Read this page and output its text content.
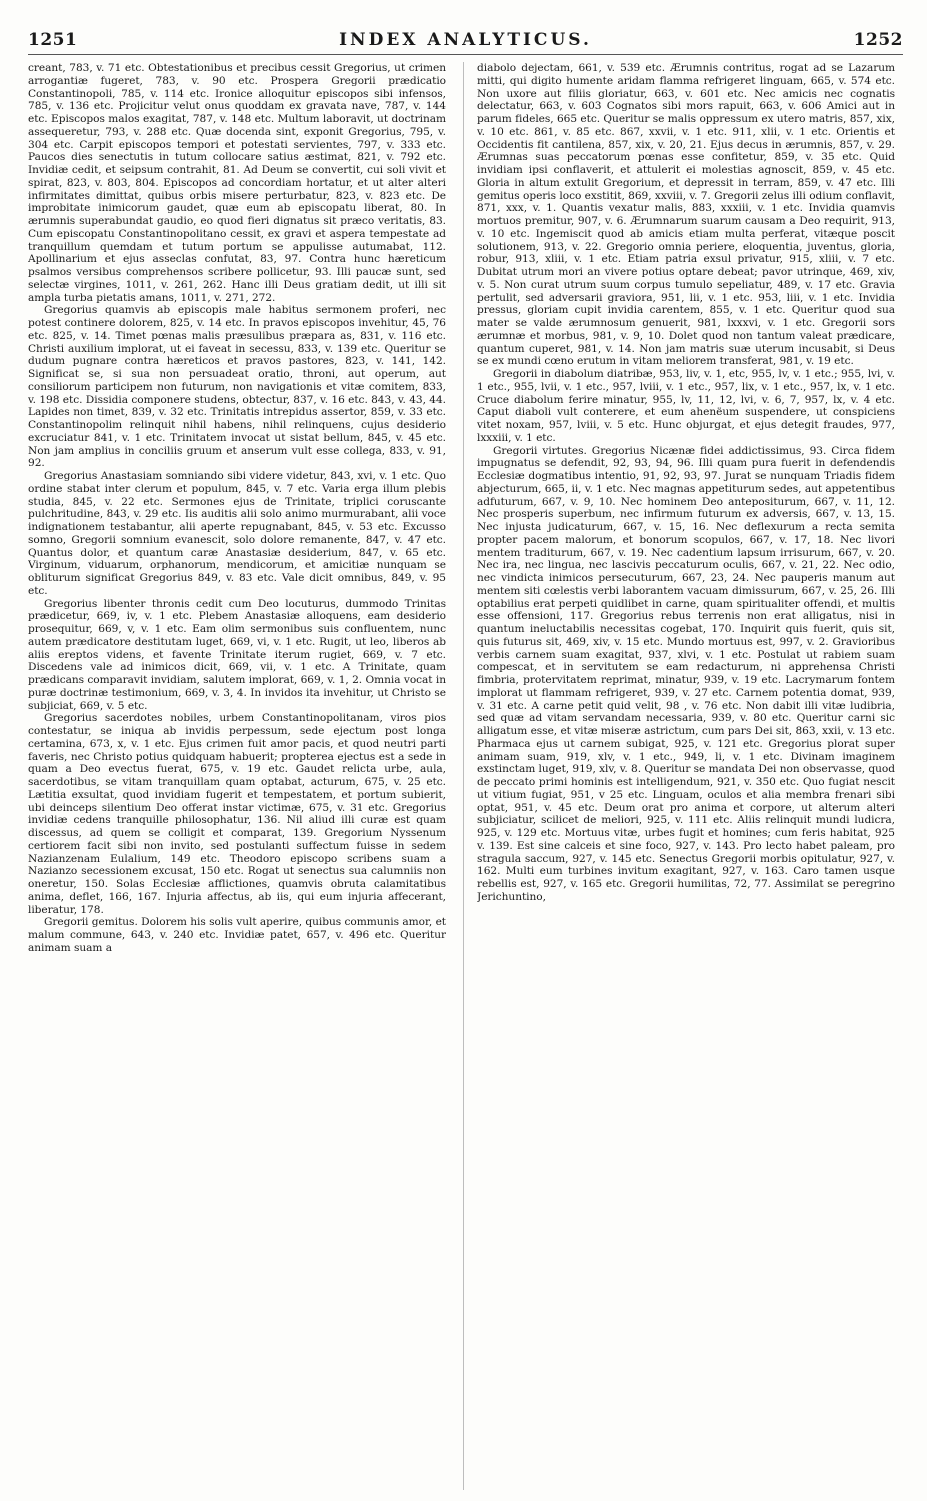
1251	INDEX ANALYTICUS.	1252

creant, 783, v. 71 etc. Obtestationibus et precibus cessit Gregorius, ut crimen arrogantiæ fugeret, 783, v. 90 etc. Prospera Gregorii prædicatio Constantinopoli, 785, v. 114 etc. Ironice alloquitur episcopos sibi infensos, 785, v. 136 etc. Projicitur velut onus quoddam ex gravata nave, 787, v. 144 etc. Episcopos malos exagitat, 787, v. 148 etc. Multum laboravit, ut doctrinam assequeretur, 793, v. 288 etc. Quæ docenda sint, exponit Gregorius, 795, v. 304 etc. Carpit episcopos tempori et potestati servientes, 797, v. 333 etc. Paucos dies senectutis in tutum collocare satius æstimat, 821, v. 792 etc. Invidiæ cedit, et seipsum contrahit, 81. Ad Deum se convertit, cui soli vivit et spirat, 823, v. 803, 804. Episcopos ad concordiam hortatur, et ut alter alteri infirmitates dimittat, quibus orbis misere perturbatur, 823, v. 823 etc. De improbitate inimicorum gaudet, quæ eum ab episcopatu liberat, 80. In ærumnis superabundat gaudio, eo quod fieri dignatus sit præco veritatis, 83. Cum episcopatu Constantinopolitano cessit, ex gravi et aspera tempestate ad tranquillum quemdam et tutum portum se appulisse autumabat, 112. Apollinarium et ejus asseclas confutat, 83, 97. Contra hunc hæreticum psalmos versibus comprehensos scribere pollicetur, 93. Illi paucæ sunt, sed selectæ virgines, 1011, v. 261, 262. Hanc illi Deus gratiam dedit, ut illi sit ampla turba pietatis amans, 1011, v. 271, 272.

Gregorius quamvis ab episcopis male habitus sermonem proferi, nec potest continere dolorem, 825, v. 14 etc. In pravos episcopos invehitur, 45, 76 etc. 825, v. 14. Timet pœnas malis præsulibus præpara as, 831, v. 116 etc. Christi auxilium implorat, ut ei faveat in secessu, 833, v. 139 etc. Queritur se dudum pugnare contra hæreticos et pravos pastores, 823, v. 141, 142. Significat se, si sua non persuadeat oratio, throni, aut operum, aut consiliorum participem non futurum, non navigationis et vitæ comitem, 833, v. 198 etc. Dissidia componere studens, obtectur, 837, v. 16 etc. 843, v. 43, 44. Lapides non timet, 839, v. 32 etc. Trinitatis intrepidus assertor, 859, v. 33 etc. Constantinopolim relinquit nihil habens, nihil relinquens, cujus desiderio excruciatur 841, v. 1 etc. Trinitatem invocat ut sistat bellum, 845, v. 45 etc. Non jam amplius in conciliis gruum et anserum vult esse collega, 833, v. 91, 92.

Gregorius Anastasiam somniando sibi videre videtur, 843, xvi, v. 1 etc. Quo ordine stabat inter clerum et populum, 845, v. 7 etc. Varia erga illum plebis studia, 845, v. 22 etc. Sermones ejus de Trinitate, triplici coruscante pulchritudine, 843, v. 29 etc. Iis auditis alii solo animo murmurabant, alii voce indignationem testabantur, alii aperte repugnabant, 845, v. 53 etc. Excusso somno, Gregorii somnium evanescit, solo dolore remanente, 847, v. 47 etc. Quantus dolor, et quantum caræ Anastasiæ desiderium, 847, v. 65 etc. Virginum, viduarum, orphanorum, mendicorum, et amicitiæ nunquam se obliturum significat Gregorius 849, v. 83 etc. Vale dicit omnibus, 849, v. 95 etc.

Gregorius libenter thronis cedit cum Deo locuturus, dummodo Trinitas prædicetur, 669, iv, v. 1 etc. Plebem Anastasiæ alloquens, eam desiderio prosequitur, 669, v, v. 1 etc. Eam olim sermonibus suis confluentem, nunc autem prædicatore destitutam luget, 669, vi, v. 1 etc. Rugit, ut leo, liberos ab aliis ereptos videns, et favente Trinitate iterum rugiet, 669, v. 7 etc. Discedens vale ad inimicos dicit, 669, vii, v. 1 etc. A Trinitate, quam prædicans comparavit invidiam, salutem implorat, 669, v. 1, 2. Omnia vocat in puræ doctrinæ testimonium, 669, v. 3, 4. In invidos ita invehitur, ut Christo se subjiciat, 669, v. 5 etc.

Gregorius sacerdotes nobiles, urbem Constantinopolitanam, viros pios contestatur, se iniqua ab invidis perpessum, sede ejectum post longa certamina, 673, x, v. 1 etc. Ejus crimen fuit amor pacis, et quod neutri parti faveris, nec Christo potius quidquam habuerit; propterea ejectus est a sede in quam a Deo evectus fuerat, 675, v. 19 etc. Gaudet relicta urbe, aula, sacerdotibus, se vitam tranquillam quam optabat, acturum, 675, v. 25 etc. Lætitia exsultat, quod invidiam fugerit et tempestatem, et portum subierit, ubi deinceps silentium Deo offerat instar victimæ, 675, v. 31 etc. Gregorius invidiæ cedens tranquille philosophatur, 136. Nil aliud illi curæ est quam discessus, ad quem se colligit et comparat, 139. Gregorium Nyssenum certiorem facit sibi non invito, sed postulanti suffectum fuisse in sedem Nazianzenam Eulalium, 149 etc. Theodoro episcopo scribens suam a Nazianzo secessionem excusat, 150 etc. Rogat ut senectus sua calumniis non oneretur, 150. Solas Ecclesiæ afflictiones, quamvis obruta calamitatibus anima, deflet, 166, 167. Injuria affectus, ab iis, qui eum injuria affecerant, liberatur, 178.

Gregorii gemitus. Dolorem his solis vult aperire, quibus communis amor, et malum commune, 643, v. 240 etc. Invidiæ patet, 657, v. 496 etc. Queritur animam suam a

diabolo dejectam, 661, v. 539 etc. Ærumnis contritus, rogat ad se Lazarum mitti, qui digito humente aridam flamma refrigeret linguam, 665, v. 574 etc. Non uxore aut filiis gloriatur, 663, v. 601 etc. Nec amicis nec cognatis delectatur, 663, v. 603 Cognatos sibi mors rapuit, 663, v. 606 Amici aut in parum fideles, 665 etc. Queritur se malis oppressum ex utero matris, 857, xix, v. 10 etc. 861, v. 85 etc. 867, xxvii, v. 1 etc. 911, xlii, v. 1 etc. Orientis et Occidentis fit cantilena, 857, xix, v. 20, 21. Ejus decus in ærumnis, 857, v. 29. Ærumnas suas peccatorum pœnas esse confitetur, 859, v. 35 etc. Quid invidiam ipsi conflaverit, et attulerit ei molestias agnoscit, 859, v. 45 etc. Gloria in altum extulit Gregorium, et depressit in terram, 859, v. 47 etc. Illi gemitus operis loco exstitit, 869, xxviii, v. 7. Gregorii zelus illi odium conflavit, 871, xxx, v. 1. Quantis vexatur malis, 883, xxxiii, v. 1 etc. Invidia quamvis mortuos premitur, 907, v. 6. Ærumnarum suarum causam a Deo requirit, 913, v. 10 etc. Ingemiscit quod ab amicis etiam multa perferat, vitæque poscit solutionem, 913, v. 22. Gregorio omnia periere, eloquentia, juventus, gloria, robur, 913, xliii, v. 1 etc. Etiam patria exsul privatur, 915, xliii, v. 7 etc. Dubitat utrum mori an vivere potius optare debeat; pavor utrinque, 469, xiv, v. 5. Non curat utrum suum corpus tumulo sepeliatur, 489, v. 17 etc. Gravia pertulit, sed adversarii graviora, 951, lii, v. 1 etc. 953, liii, v. 1 etc. Invidia pressus, gloriam cupit invidia carentem, 855, v. 1 etc. Queritur quod sua mater se valde ærumnosum genuerit, 981, lxxxvi, v. 1 etc. Gregorii sors ærumnæ et morbus, 981, v. 9, 10. Dolet quod non tantum valeat prædicare, quantum cuperet, 981, v. 14. Non jam matris suæ uterum incusabit, si Deus se ex mundi cœno erutum in vitam meliorem transferat, 981, v. 19 etc.

Gregorii in diabolum diatribæ, 953, liv, v. 1, etc, 955, lv, v. 1 etc.; 955, lvi, v. 1 etc., 955, lvii, v. 1 etc., 957, lviii, v. 1 etc., 957, lix, v. 1 etc., 957, lx, v. 1 etc. Cruce diabolum ferire minatur, 955, lv, 11, 12, lvi, v. 6, 7, 957, lx, v. 4 etc. Caput diaboli vult conterere, et eum ahenëum suspendere, ut conspiciens vitet noxam, 957, lviii, v. 5 etc. Hunc objurgat, et ejus detegit fraudes, 977, lxxxiii, v. 1 etc.

Gregorii virtutes. Gregorius Nicænæ fidei addictissimus, 93. Circa fidem impugnatus se defendit, 92, 93, 94, 96. Illi quam pura fuerit in defendendis Ecclesiæ dogmatibus intentio, 91, 92, 93, 97. Jurat se nunquam Triadis fidem abjecturum, 665, ii, v. 1 etc. Nec magnas appetiturum sedes, aut appetentibus adfuturum, 667, v. 9, 10. Nec hominem Deo antepositurum, 667, v. 11, 12. Nec prosperis superbum, nec infirmum futurum ex adversis, 667, v. 13, 15. Nec injusta judicaturum, 667, v. 15, 16. Nec deflexurum a recta semita propter pacem malorum, et bonorum scopulos, 667, v. 17, 18. Nec livori mentem traditurum, 667, v. 19. Nec cadentium lapsum irrisurum, 667, v. 20. Nec ira, nec lingua, nec lascivis peccaturum oculis, 667, v. 21, 22. Nec odio, nec vindicta inimicos persecuturum, 667, 23, 24. Nec pauperis manum aut mentem siti cœlestis verbi laborantem vacuam dimissurum, 667, v. 25, 26. Illi optabilius erat perpeti quidlibet in carne, quam spiritualiter offendi, et multis esse offensioni, 117. Gregorius rebus terrenis non erat alligatus, nisi in quantum ineluctabilis necessitas cogebat, 170. Inquirit quis fuerit, quis sit, quis futurus sit, 469, xiv, v. 15 etc. Mundo mortuus est, 997, v. 2. Gravioribus verbis carnem suam exagitat, 937, xlvi, v. 1 etc. Postulat ut rabiem suam compescat, et in servitutem se eam redacturum, ni apprehensa Christi fimbria, protervitatem reprimat, minatur, 939, v. 19 etc. Lacrymarum fontem implorat ut flammam refrigeret, 939, v. 27 etc. Carnem potentia domat, 939, v. 31 etc. A carne petit quid velit, 98 , v. 76 etc. Non dabit illi vitæ ludibria, sed quæ ad vitam servandam necessaria, 939, v. 80 etc. Queritur carni sic alligatum esse, et vitæ miseræ astrictum, cum pars Dei sit, 863, xxii, v. 13 etc. Pharmaca ejus ut carnem subigat, 925, v. 121 etc. Gregorius plorat super animam suam, 919, xlv, v. 1 etc., 949, li, v. 1 etc. Divinam imaginem exstinctam luget, 919, xlv, v. 8. Queritur se mandata Dei non observasse, quod de peccato primi hominis est intelligendum, 921, v. 350 etc. Quo fugiat nescit ut vitium fugiat, 951, v 25 etc. Linguam, oculos et alia membra frenari sibi optat, 951, v. 45 etc. Deum orat pro anima et corpore, ut alterum alteri subjiciatur, scilicet de meliori, 925, v. 111 etc. Aliis relinquit mundi ludicra, 925, v. 129 etc. Mortuus vitæ, urbes fugit et homines; cum feris habitat, 925 v. 139. Est sine calceis et sine foco, 927, v. 143. Pro lecto habet paleam, pro stragula saccum, 927, v. 145 etc. Senectus Gregorii morbis opitulatur, 927, v. 162. Multi eum turbines invitum exagitant, 927, v. 163. Caro tamen usque rebellis est, 927, v. 165 etc. Gregorii humilitas, 72, 77. Assimilat se peregrino Jerichuntino,
